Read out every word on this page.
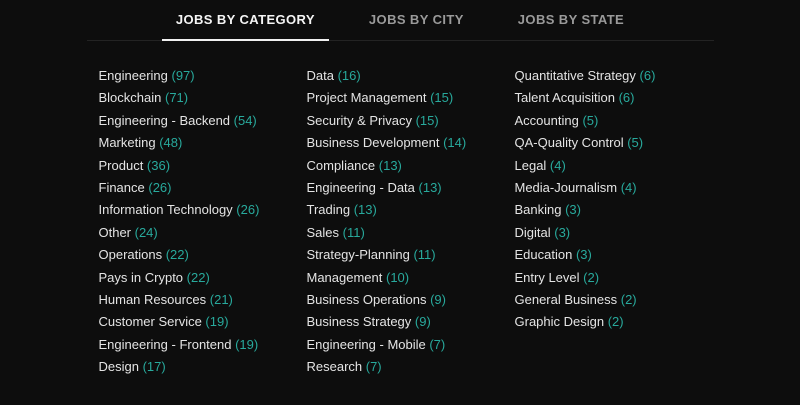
JOBS BY CATEGORY	JOBS BY CITY	JOBS BY STATE
Engineering (97)
Blockchain (71)
Engineering - Backend (54)
Marketing (48)
Product (36)
Finance (26)
Information Technology (26)
Other (24)
Operations (22)
Pays in Crypto (22)
Human Resources (21)
Customer Service (19)
Engineering - Frontend (19)
Design (17)
Data (16)
Project Management (15)
Security & Privacy (15)
Business Development (14)
Compliance (13)
Engineering - Data (13)
Trading (13)
Sales (11)
Strategy-Planning (11)
Management (10)
Business Operations (9)
Business Strategy (9)
Engineering - Mobile (7)
Research (7)
Quantitative Strategy (6)
Talent Acquisition (6)
Accounting (5)
QA-Quality Control (5)
Legal (4)
Media-Journalism (4)
Banking (3)
Digital (3)
Education (3)
Entry Level (2)
General Business (2)
Graphic Design (2)
